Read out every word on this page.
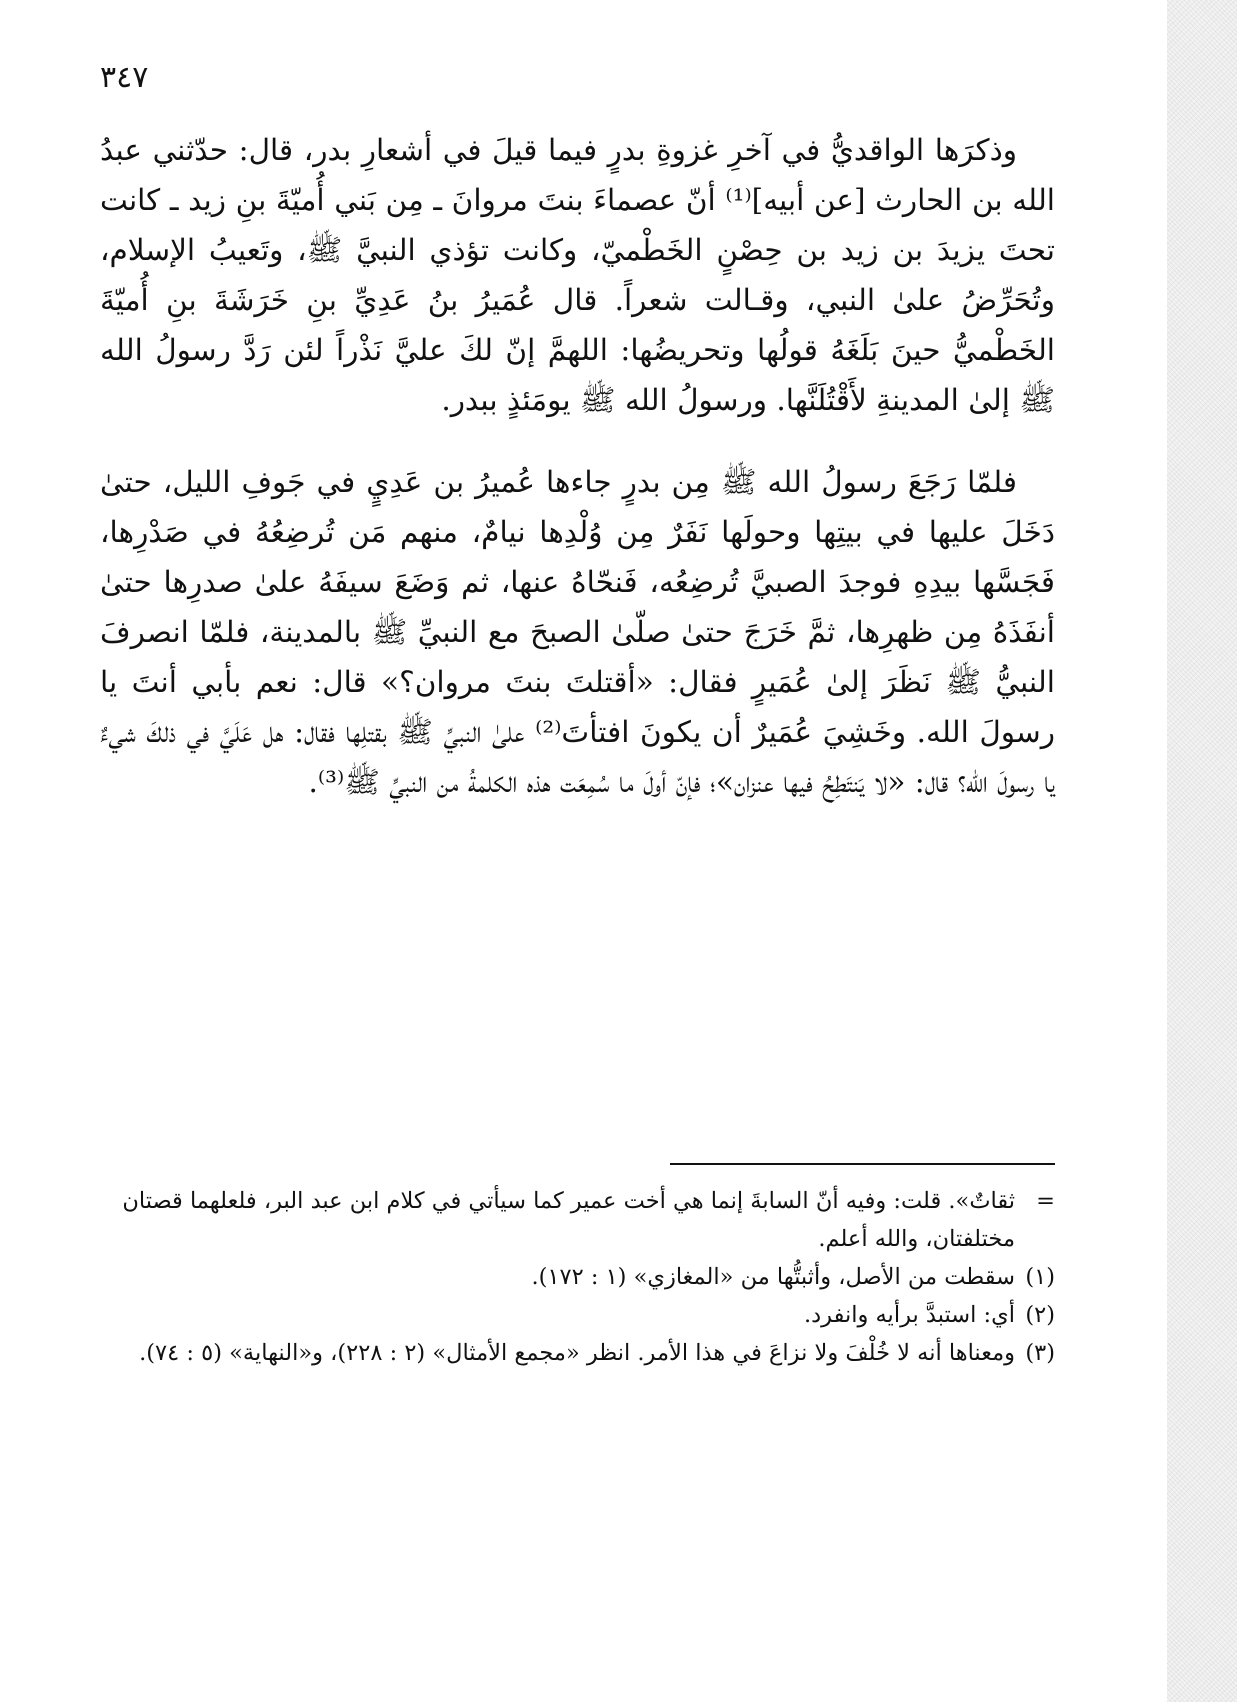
٣٤٧

وذكرَها الواقديُّ في آخرِ غزوةِ بدرٍ فيما قيلَ في أشعارِ بدر، قال: حدّثني عبدُ الله بن الحارث [عن أبيه]⁽¹⁾ أنّ عصماءَ بنتَ مروانَ ـ مِن بَني أُميّةَ بنِ زيد ـ كانت تحتَ يزيدَ بن زيد بن حِصْنٍ الخَطْميّ، وكانت تؤذي النبيَّ ﷺ، وتَعيبُ الإسلام، وتُحَرِّضُ علىٰ النبي، وقـالت شعراً. قال عُمَيرُ بنُ عَدِيِّ بنِ خَرَشَةَ بنِ أُميّةَ الخَطْميُّ حينَ بَلَغَهُ قولُها وتحريضُها: اللهمَّ إنّ لكَ عليَّ نَذْراً لئن رَدَّ رسولُ الله ﷺ إلىٰ المدينةِ لأَقْتُلَنَّها. ورسولُ الله ﷺ يومَئذٍ ببدر.

فلمّا رَجَعَ رسولُ الله ﷺ مِن بدرٍ جاءها عُميرُ بن عَدِيٍ في جَوفِ الليل، حتىٰ دَخَلَ عليها في بيتِها وحولَها نَفَرٌ مِن وُلْدِها نيامٌ، منهم مَن تُرضِعُهُ في صَدْرِها، فَجَسَّها بيدِهِ فوجدَ الصبيَّ تُرضِعُه، فَنحّاهُ عنها، ثم وَضَعَ سيفَهُ علىٰ صدرِها حتىٰ أنفَذَهُ مِن ظهرِها، ثمَّ خَرَجَ حتىٰ صلّىٰ الصبحَ مع النبيِّ ﷺ بالمدينة، فلمّا انصرفَ النبيُّ ﷺ نَظَرَ إلىٰ عُمَيرٍ فقال: «أقتلتَ بنتَ مروان؟» قال: نعم بأبي أنتَ يا رسولَ الله. وخَشِيَ عُمَيرٌ أن يكونَ افتأتَ⁽²⁾ علىٰ النبيِّ ﷺ بقتلِها فقال: هل عَلَيَّ في ذلكَ شيءٌ يا رسولَ الله؟ قال: «لا يَنتَطِحُ فيها عنزان»؛ فإنّ أولَ ما سُمِعَت هذه الكلمةُ من النبيِّ ﷺ⁽³⁾.

=
ثقاتٌ». قلت: وفيه أنّ السابةَ إنما هي أخت عمير كما سيأتي في كلام ابن عبد البر، فلعلهما قصتان مختلفتان، والله أعلم.
(١)
سقطت من الأصل، وأثبتُّها من «المغازي» (١ : ١٧٢).
(٢)
أي: استبدَّ برأيه وانفرد.
(٣)
ومعناها أنه لا خُلْفَ ولا نزاعَ في هذا الأمر. انظر «مجمع الأمثال» (٢ : ٢٢٨)، و«النهاية» (٥ : ٧٤).
